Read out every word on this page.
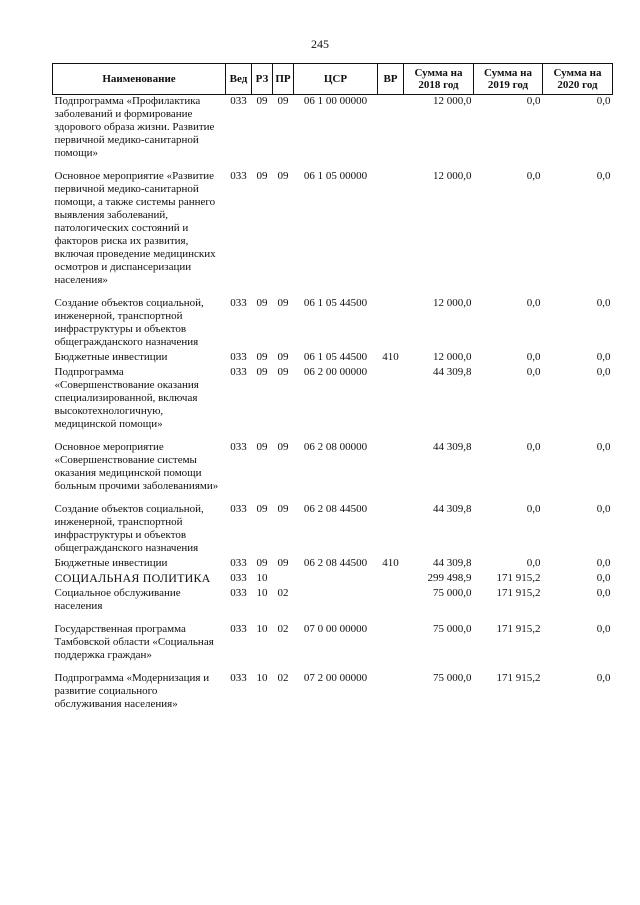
245
Наименование	Вед	РЗ	ПР	ЦСР	ВР	Сумма на 2018 год	Сумма на 2019 год	Сумма на 2020 год
Подпрограмма «Профилактика заболеваний и формирование здорового образа жизни. Развитие первичной медико-санитарной помощи»	033	09	09	06 1 00 00000		12 000,0	0,0	0,0
Основное мероприятие «Развитие первичной медико-санитарной помощи, а также системы раннего выявления заболеваний, патологических состояний и факторов риска их развития, включая проведение медицинских осмотров и диспансеризации населения»	033	09	09	06 1 05 00000		12 000,0	0,0	0,0
Создание объектов социальной, инженерной, транспортной инфраструктуры и объектов общегражданского назначения	033	09	09	06 1 05 44500		12 000,0	0,0	0,0
Бюджетные инвестиции	033	09	09	06 1 05 44500	410	12 000,0	0,0	0,0
Подпрограмма «Совершенствование оказания специализированной, включая высокотехнологичную, медицинской помощи»	033	09	09	06 2 00 00000		44 309,8	0,0	0,0
Основное мероприятие «Совершенствование системы оказания медицинской помощи больным прочими заболеваниями»	033	09	09	06 2 08 00000		44 309,8	0,0	0,0
Создание объектов социальной, инженерной, транспортной инфраструктуры и объектов общегражданского назначения	033	09	09	06 2 08 44500		44 309,8	0,0	0,0
Бюджетные инвестиции	033	09	09	06 2 08 44500	410	44 309,8	0,0	0,0
СОЦИАЛЬНАЯ ПОЛИТИКА	033	10				299 498,9	171 915,2	0,0
Социальное обслуживание населения	033	10	02			75 000,0	171 915,2	0,0
Государственная программа Тамбовской области «Социальная поддержка граждан»	033	10	02	07 0 00 00000		75 000,0	171 915,2	0,0
Подпрограмма «Модернизация и развитие социального обслуживания населения»	033	10	02	07 2 00 00000		75 000,0	171 915,2	0,0
